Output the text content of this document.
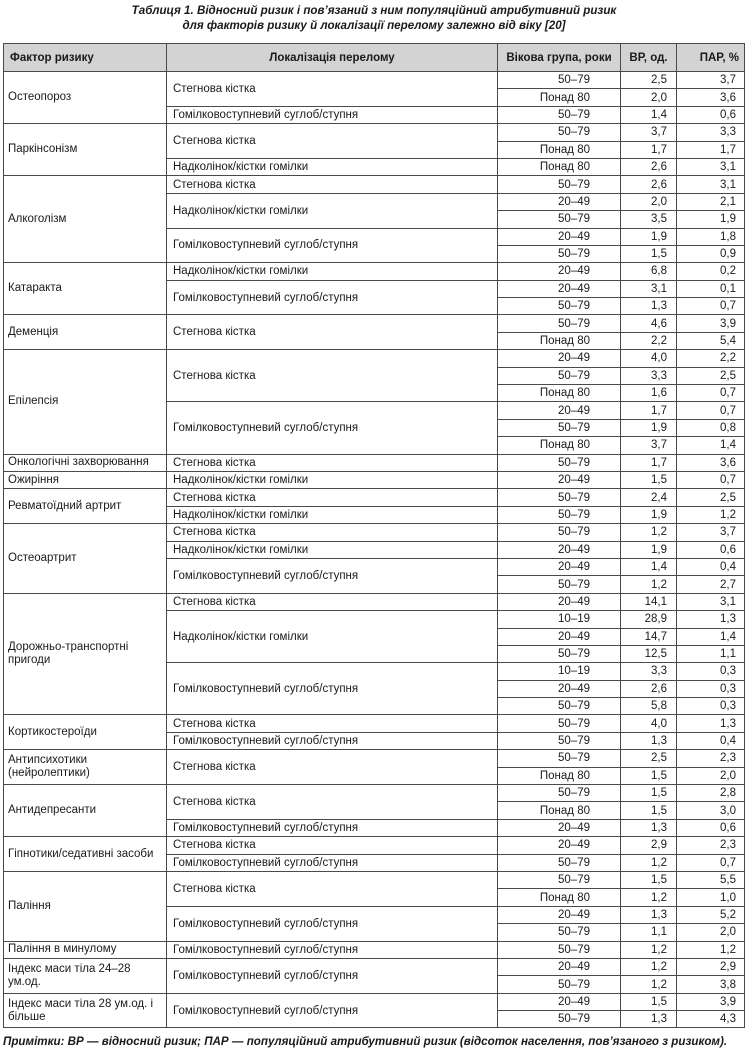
Таблиця 1. Відносний ризик і пов’язаний з ним популяційний атрибутивний ризик
для факторів ризику й локалізації перелому залежно від віку [20]
Фактор ризику	Локалізація перелому	Вікова група, роки	ВР, од.	ПАР, %
Остеопороз	Стегнова кістка	50–79	2,5	3,7
		Понад 80	2,0	3,6
	Гомілковоступневий суглоб/ступня	50–79	1,4	0,6
Паркінсонізм	Стегнова кістка	50–79	3,7	3,3
		Понад 80	1,7	1,7
	Надколінок/кістки гомілки	Понад 80	2,6	3,1
Алкоголізм	Стегнова кістка	50–79	2,6	3,1
	Надколінок/кістки гомілки	20–49	2,0	2,1
		50–79	3,5	1,9
	Гомілковоступневий суглоб/ступня	20–49	1,9	1,8
		50–79	1,5	0,9
Катаракта	Надколінок/кістки гомілки	20–49	6,8	0,2
	Гомілковоступневий суглоб/ступня	20–49	3,1	0,1
		50–79	1,3	0,7
Деменція	Стегнова кістка	50–79	4,6	3,9
		Понад 80	2,2	5,4
Епілепсія	Стегнова кістка	20–49	4,0	2,2
		50–79	3,3	2,5
		Понад 80	1,6	0,7
	Гомілковоступневий суглоб/ступня	20–49	1,7	0,7
		50–79	1,9	0,8
		Понад 80	3,7	1,4
Онкологічні захворювання	Стегнова кістка	50–79	1,7	3,6
Ожиріння	Надколінок/кістки гомілки	20–49	1,5	0,7
Ревматоїдний артрит	Стегнова кістка	50–79	2,4	2,5
	Надколінок/кістки гомілки	50–79	1,9	1,2
Остеоартрит	Стегнова кістка	50–79	1,2	3,7
	Надколінок/кістки гомілки	20–49	1,9	0,6
	Гомілковоступневий суглоб/ступня	20–49	1,4	0,4
		50–79	1,2	2,7
Дорожньо-транспортні пригоди	Стегнова кістка	20–49	14,1	3,1
	Надколінок/кістки гомілки	10–19	28,9	1,3
		20–49	14,7	1,4
		50–79	12,5	1,1
	Гомілковоступневий суглоб/ступня	10–19	3,3	0,3
		20–49	2,6	0,3
		50–79	5,8	0,3
Кортикостероїди	Стегнова кістка	50–79	4,0	1,3
	Гомілковоступневий суглоб/ступня	50–79	1,3	0,4
Антипсихотики (нейролептики)	Стегнова кістка	50–79	2,5	2,3
		Понад 80	1,5	2,0
Антидепресанти	Стегнова кістка	50–79	1,5	2,8
		Понад 80	1,5	3,0
	Гомілковоступневий суглоб/ступня	20–49	1,3	0,6
Гіпнотики/седативні засоби	Стегнова кістка	20–49	2,9	2,3
	Гомілковоступневий суглоб/ступня	50–79	1,2	0,7
Паління	Стегнова кістка	50–79	1,5	5,5
		Понад 80	1,2	1,0
	Гомілковоступневий суглоб/ступня	20–49	1,3	5,2
		50–79	1,1	2,0
Паління в минулому	Гомілковоступневий суглоб/ступня	50–79	1,2	1,2
Індекс маси тіла 24–28 ум.од.	Гомілковоступневий суглоб/ступня	20–49	1,2	2,9
		50–79	1,2	3,8
Індекс маси тіла 28 ум.од. і більше	Гомілковоступневий суглоб/ступня	20–49	1,5	3,9
		50–79	1,3	4,3
Примітки: ВР — відносний ризик; ПАР — популяційний атрибутивний ризик (відсоток населення, пов’язаного з ризиком).
